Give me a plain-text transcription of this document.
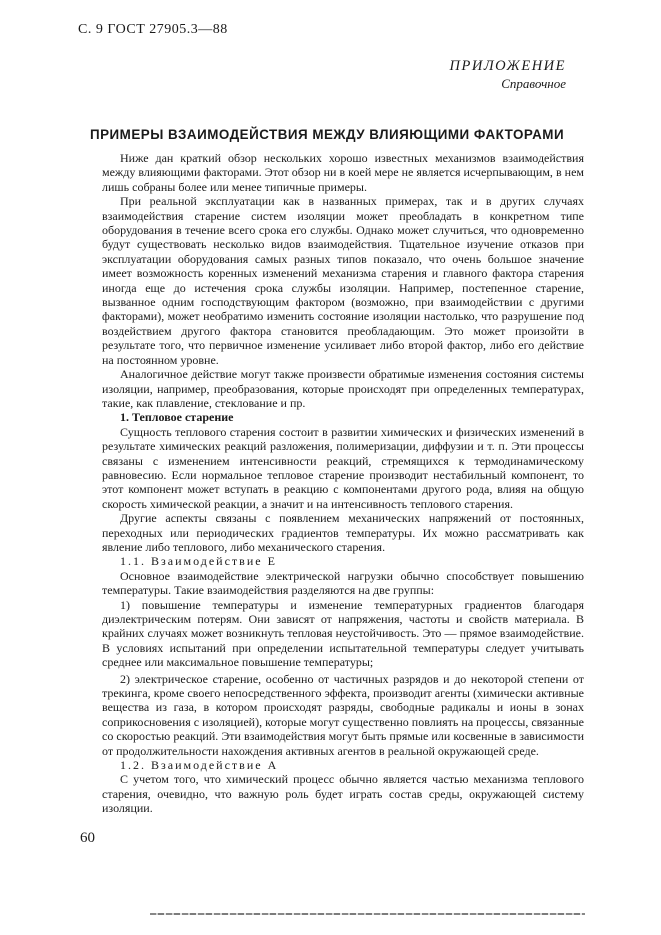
С. 9 ГОСТ 27905.3—88
ПРИЛОЖЕНИЕ
Справочное
ПРИМЕРЫ ВЗАИМОДЕЙСТВИЯ МЕЖДУ ВЛИЯЮЩИМИ ФАКТОРАМИ

Ниже дан краткий обзор нескольких хорошо известных механизмов взаимодействия между влияющими факторами. Этот обзор ни в коей мере не является исчерпывающим, в нем лишь собраны более или менее типичные примеры.

При реальной эксплуатации как в названных примерах, так и в других случаях взаимодействия старение систем изоляции может преобладать в конкретном типе оборудования в течение всего срока его службы. Однако может случиться, что одновременно будут существовать несколько видов взаимодействия. Тщательное изучение отказов при эксплуатации оборудования самых разных типов показало, что очень большое значение имеет возможность коренных изменений механизма старения и главного фактора старения иногда еще до истечения срока службы изоляции. Например, постепенное старение, вызванное одним господствующим фактором (возможно, при взаимодействии с другими факторами), может необратимо изменить состояние изоляции настолько, что разрушение под воздействием другого фактора становится преобладающим. Это может произойти в результате того, что первичное изменение усиливает либо второй фактор, либо его действие на постоянном уровне.

Аналогичное действие могут также произвести обратимые изменения состояния системы изоляции, например, преобразования, которые происходят при определенных температурах, такие, как плавление, стеклование и пр.

1. Тепловое старение

Сущность теплового старения состоит в развитии химических и физических изменений в результате химических реакций разложения, полимеризации, диффузии и т. п. Эти процессы связаны с изменением интенсивности реакций, стремящихся к термодинамическому равновесию. Если нормальное тепловое старение производит нестабильный компонент, то этот компонент может вступать в реакцию с компонентами другого рода, влияя на общую скорость химической реакции, а значит и на интенсивность теплового старения.

Другие аспекты связаны с появлением механических напряжений от постоянных, переходных или периодических градиентов температуры. Их можно рассматривать как явление либо теплового, либо механического старения.

1.1. Взаимодействие Е

Основное взаимодействие электрической нагрузки обычно способствует повышению температуры. Такие взаимодействия разделяются на две группы:

1) повышение температуры и изменение температурных градиентов благодаря диэлектрическим потерям. Они зависят от напряжения, частоты и свойств материала. В крайних случаях может возникнуть тепловая неустойчивость. Это — прямое взаимодействие. В условиях испытаний при определении испытательной температуры следует учитывать среднее или максимальное повышение температуры;

2) электрическое старение, особенно от частичных разрядов и до некоторой степени от трекинга, кроме своего непосредственного эффекта, производит агенты (химически активные вещества из газа, в котором происходят разряды, свободные радикалы и ионы в зонах соприкосновения с изоляцией), которые могут существенно повлиять на процессы, связанные со скоростью реакций. Эти взаимодействия могут быть прямые или косвенные в зависимости от продолжительности нахождения активных агентов в реальной окружающей среде.

1.2. Взаимодействие А

С учетом того, что химический процесс обычно является частью механизма теплового старения, очевидно, что важную роль будет играть состав среды, окружающей систему изоляции.

60
